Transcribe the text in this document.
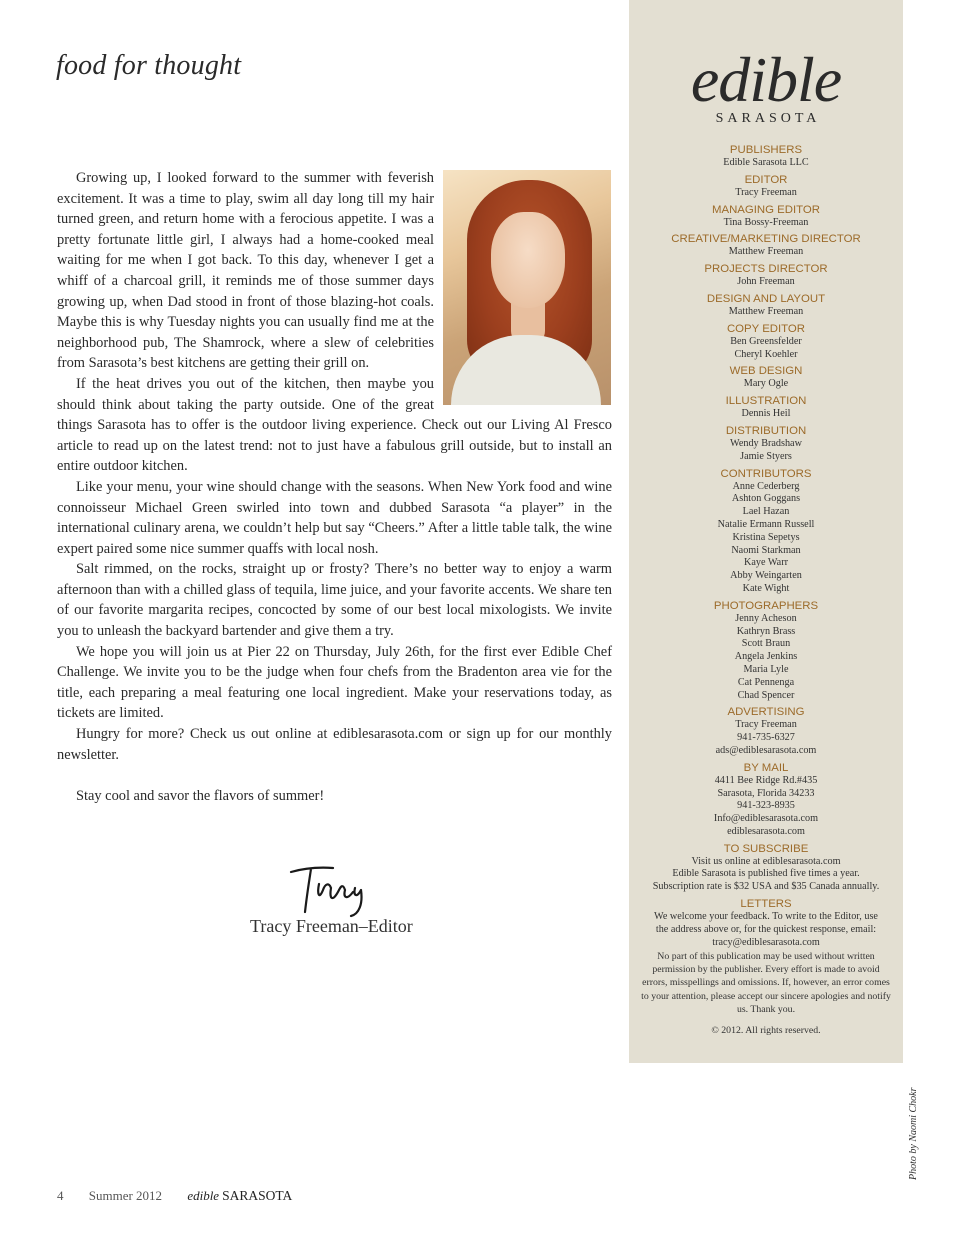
food for thought

Growing up, I looked forward to the summer with feverish excitement. It was a time to play, swim all day long till my hair turned green, and return home with a ferocious appetite. I was a pretty fortunate little girl, I always had a home-cooked meal waiting for me when I got back. To this day, whenever I get a whiff of a charcoal grill, it reminds me of those summer days growing up, when Dad stood in front of those blazing-hot coals. Maybe this is why Tuesday nights you can usually find me at the neighborhood pub, The Shamrock, where a slew of celebrities from Sarasota’s best kitchens are getting their grill on.

If the heat drives you out of the kitchen, then maybe you should think about taking the party outside. One of the great things Sarasota has to offer is the outdoor living experience. Check out our Living Al Fresco article to read up on the latest trend: not to just have a fabulous grill outside, but to install an entire outdoor kitchen.

Like your menu, your wine should change with the seasons. When New York food and wine connoisseur Michael Green swirled into town and dubbed Sarasota “a player” in the international culinary arena, we couldn’t help but say “Cheers.” After a little table talk, the wine expert paired some nice summer quaffs with local nosh.

Salt rimmed, on the rocks, straight up or frosty? There’s no better way to enjoy a warm afternoon than with a chilled glass of tequila, lime juice, and your favorite accents. We share ten of our favorite margarita recipes, concocted by some of our best local mixologists. We invite you to unleash the backyard bartender and give them a try.

We hope you will join us at Pier 22 on Thursday, July 26th, for the first ever Edible Chef Challenge. We invite you to be the judge when four chefs from the Bradenton area vie for the title, each preparing a meal featuring one local ingredient. Make your reservations today, as tickets are limited.

Hungry for more? Check us out online at ediblesarasota.com or sign up for our monthly newsletter.

Stay cool and savor the flavors of summer!

Tracy Freeman–Editor
Photo by Naomi Chokr
4 Summer 2012 edible SARASOTA
edible
SARASOTA
PUBLISHERS
Edible Sarasota LLC
EDITOR
Tracy Freeman
MANAGING EDITOR
Tina Bossy-Freeman
CREATIVE/MARKETING DIRECTOR
Matthew Freeman
PROJECTS DIRECTOR
John Freeman
DESIGN AND LAYOUT
Matthew Freeman
COPY EDITOR
Ben Greensfelder
Cheryl Koehler
WEB DESIGN
Mary Ogle
ILLUSTRATION
Dennis Heil
DISTRIBUTION
Wendy Bradshaw
Jamie Styers
CONTRIBUTORS
Anne Cederberg
Ashton Goggans
Lael Hazan
Natalie Ermann Russell
Kristina Sepetys
Naomi Starkman
Kaye Warr
Abby Weingarten
Kate Wight
PHOTOGRAPHERS
Jenny Acheson
Kathryn Brass
Scott Braun
Angela Jenkins
Maria Lyle
Cat Pennenga
Chad Spencer
ADVERTISING
Tracy Freeman
941-735-6327
ads@ediblesarasota.com
BY MAIL
4411 Bee Ridge Rd.#435
Sarasota, Florida 34233
941-323-8935
Info@ediblesarasota.com
ediblesarasota.com
TO SUBSCRIBE
Visit us online at ediblesarasota.com
Edible Sarasota is published five times a year.
Subscription rate is $32 USA and $35 Canada annually.
LETTERS
We welcome your feedback. To write to the Editor, use
the address above or, for the quickest response, email:
tracy@ediblesarasota.com
No part of this publication may be used without written permission by the publisher. Every effort is made to avoid errors, misspellings and omissions. If, however, an error comes to your attention, please accept our sincere apologies and notify us. Thank you.
© 2012. All rights reserved.
